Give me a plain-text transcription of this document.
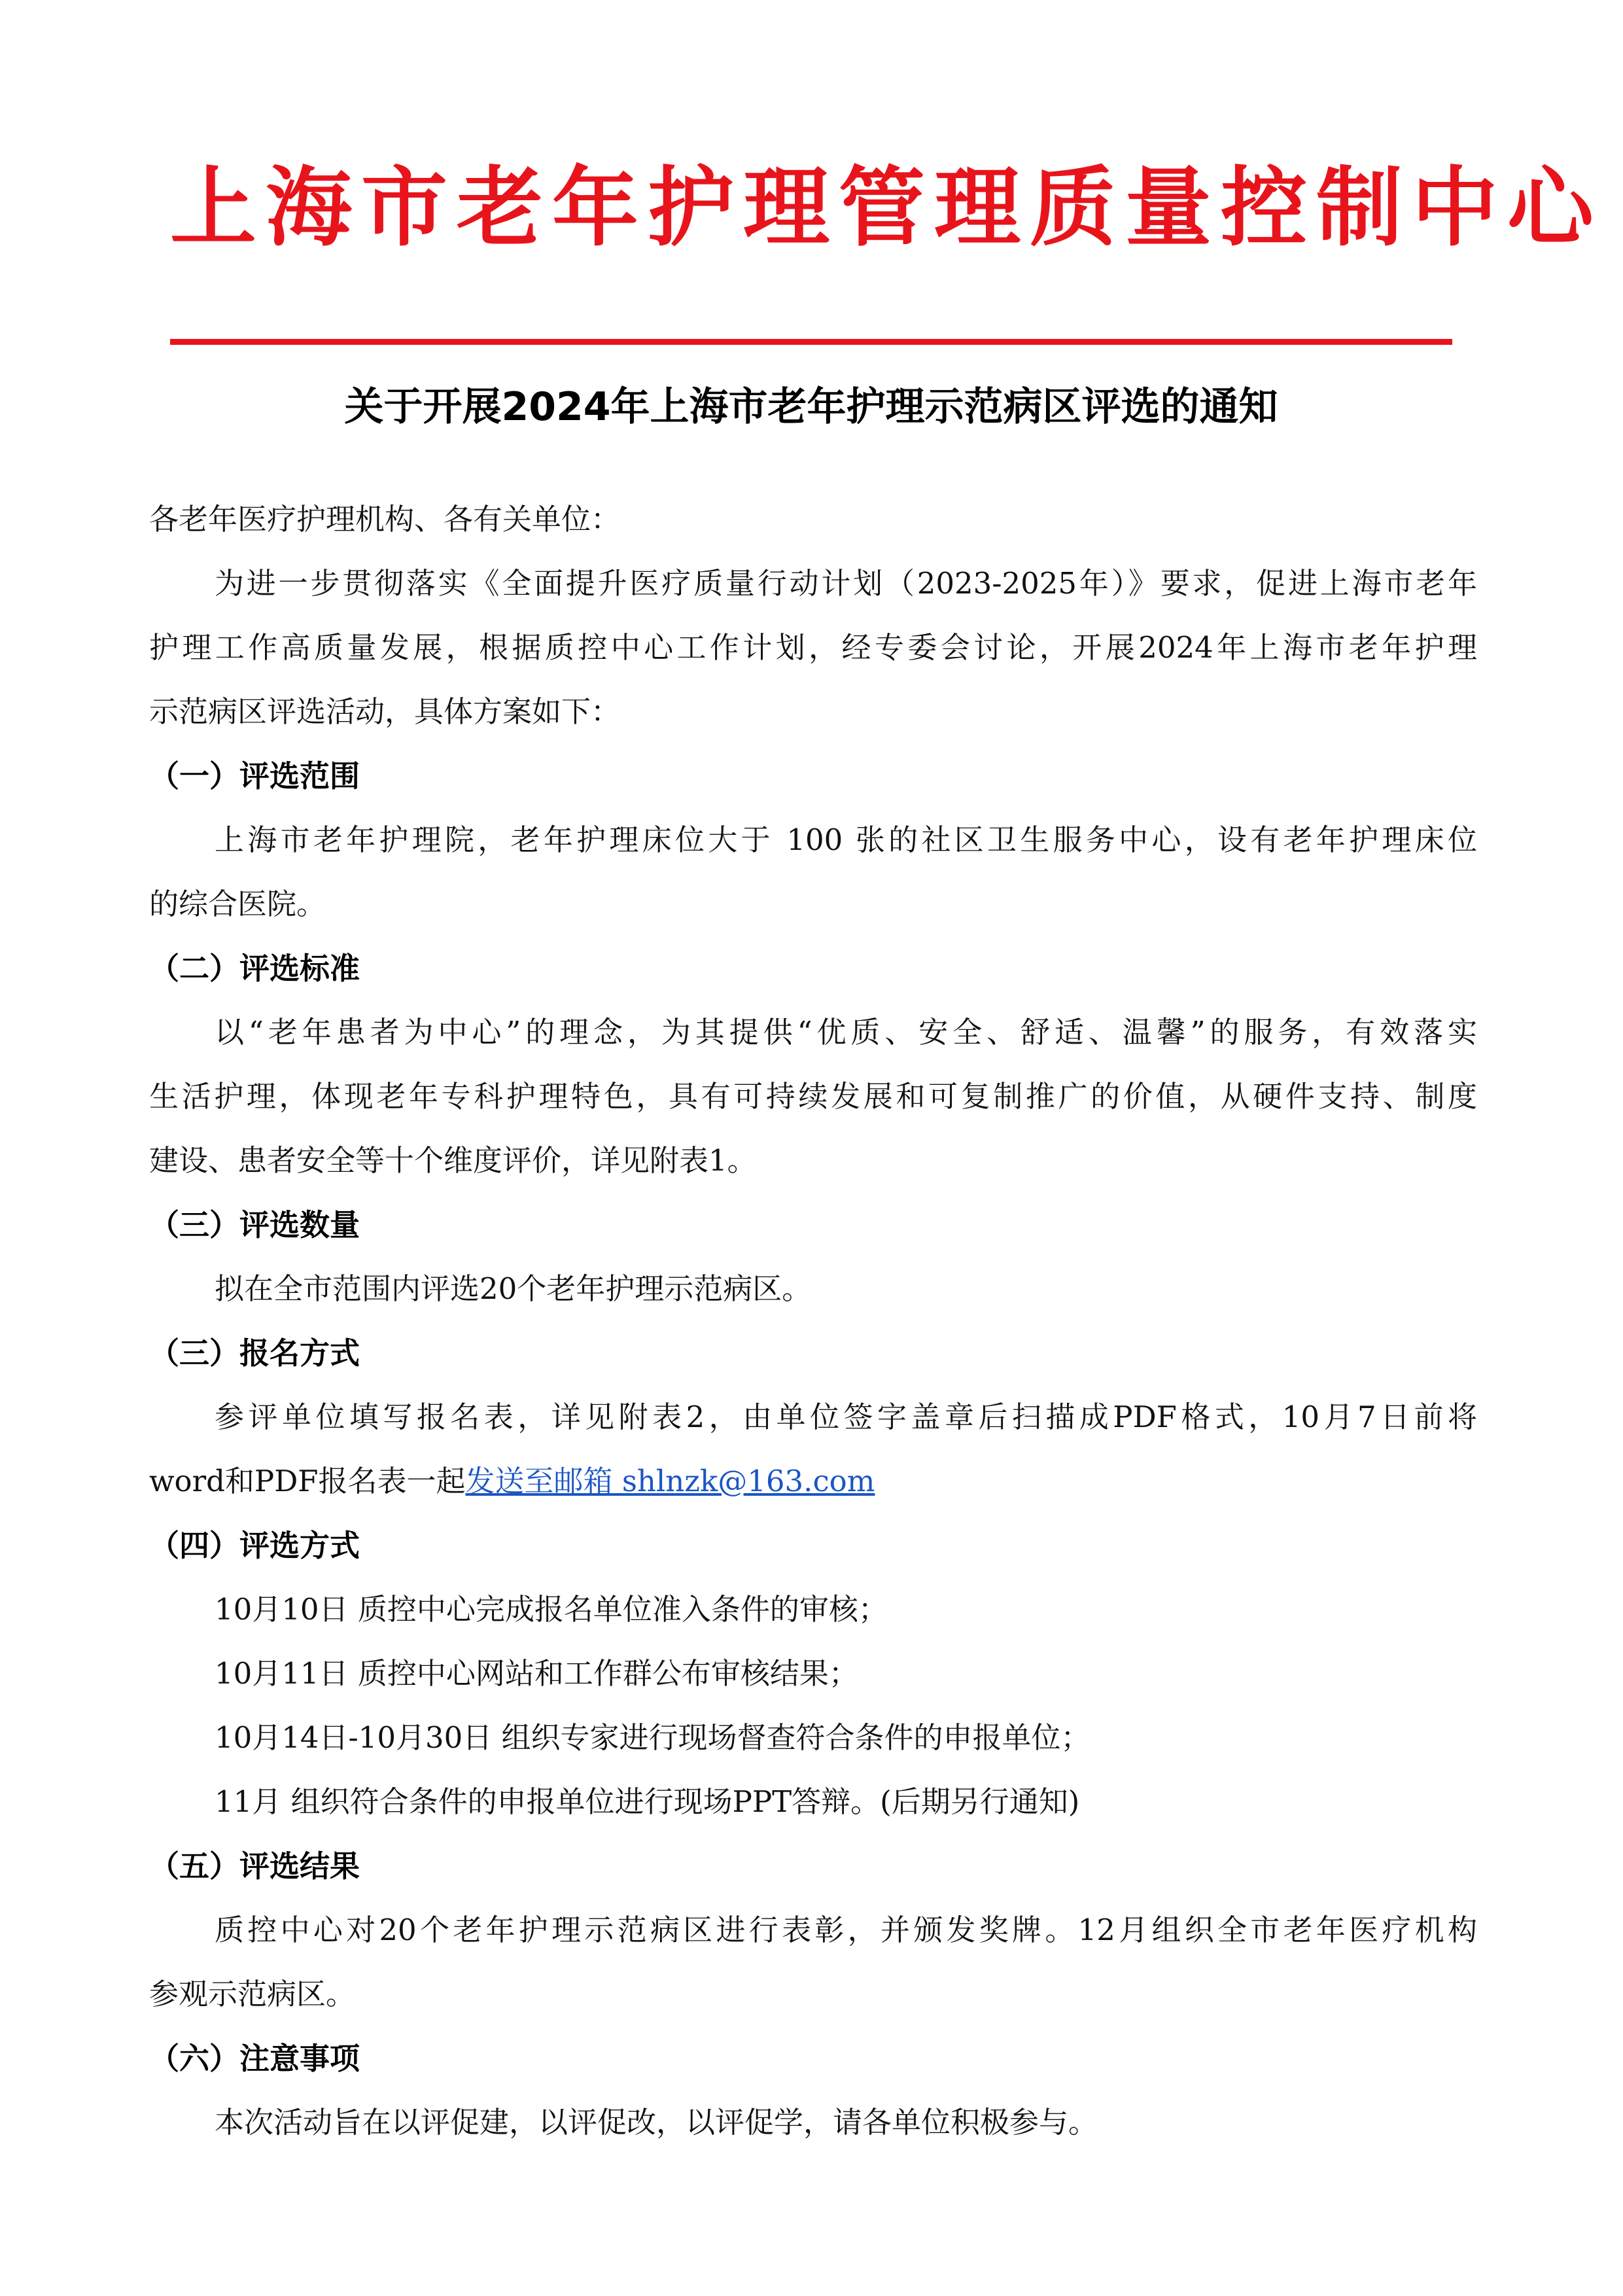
上海市老年护理管理质量控制中心
关于开展2024年上海市老年护理示范病区评选的通知
各老年医疗护理机构、各有关单位：
为进一步贯彻落实《全面提升医疗质量行动计划（2023-2025年）》要求，促进上海市老年
护理工作高质量发展，根据质控中心工作计划，经专委会讨论，开展2024年上海市老年护理
示范病区评选活动，具体方案如下：
（一）评选范围
上海市老年护理院，老年护理床位大于 100 张的社区卫生服务中心，设有老年护理床位
的综合医院。
（二）评选标准
以“老年患者为中心”的理念，为其提供“优质、安全、舒适、温馨”的服务，有效落实
生活护理，体现老年专科护理特色，具有可持续发展和可复制推广的价值，从硬件支持、制度
建设、患者安全等十个维度评价，详见附表1。
（三）评选数量
拟在全市范围内评选20个老年护理示范病区。
（三）报名方式
参评单位填写报名表，详见附表2，由单位签字盖章后扫描成PDF格式，10月7日前将
word和PDF报名表一起发送至邮箱 shlnzk@163.com
（四）评选方式
10月10日 质控中心完成报名单位准入条件的审核；
10月11日 质控中心网站和工作群公布审核结果；
10月14日-10月30日 组织专家进行现场督查符合条件的申报单位；
11月 组织符合条件的申报单位进行现场PPT答辩。(后期另行通知)
（五）评选结果
质控中心对20个老年护理示范病区进行表彰，并颁发奖牌。12月组织全市老年医疗机构
参观示范病区。
（六）注意事项
本次活动旨在以评促建，以评促改，以评促学，请各单位积极参与。
